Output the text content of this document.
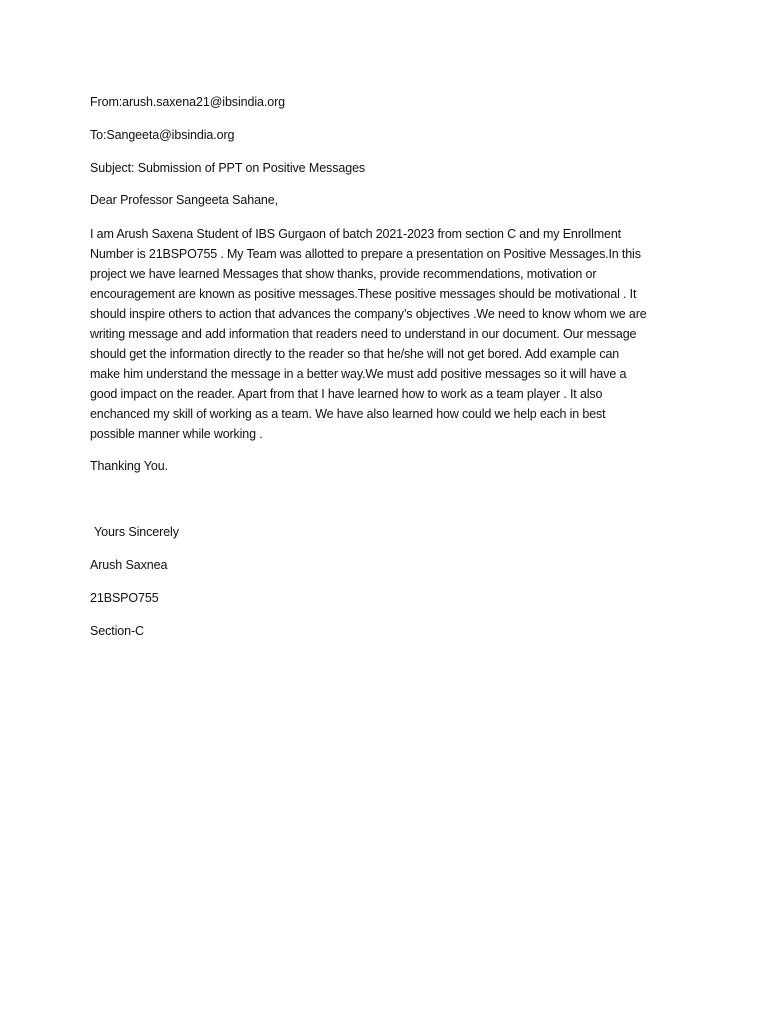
From:arush.saxena21@ibsindia.org
To:Sangeeta@ibsindia.org
Subject: Submission of PPT on Positive Messages
Dear Professor Sangeeta Sahane,
I am Arush Saxena Student of IBS Gurgaon of batch 2021-2023 from section C and my Enrollment
Number is 21BSPO755 . My Team was allotted to prepare a presentation on Positive Messages.In this
project we have learned Messages that show thanks, provide recommendations, motivation or
encouragement are known as positive messages.These positive messages should be motivational . It
should inspire others to action that advances the company’s objectives .We need to know whom we are
writing message and add information that readers need to understand in our document. Our message
should get the information directly to the reader so that he/she will not get bored. Add example can
make him understand the message in a better way.We must add positive messages so it will have a
good impact on the reader. Apart from that I have learned how to work as a team player . It also
enchanced my skill of working as a team. We have also learned how could we help each in best
possible manner while working .
Thanking You.
Yours Sincerely
Arush Saxnea
21BSPO755
Section-C
